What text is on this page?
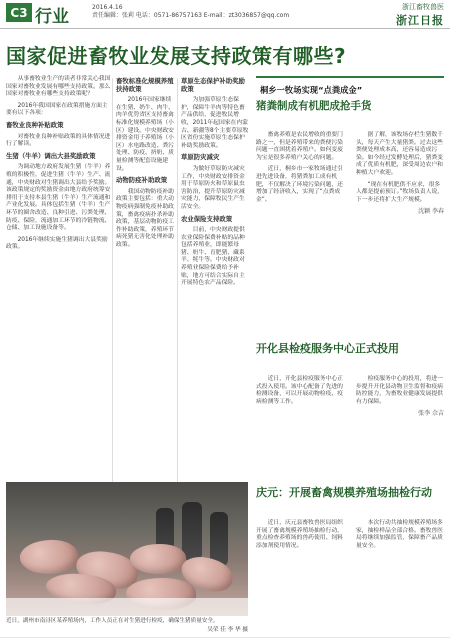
C3 行业	2016.4.16
责任编辑：张莉 电话：0571-86757163 E-mail：zt3036857@qq.com
浙江畜牧兽医
浙江日报
国家促进畜牧业发展支持政策有哪些?

从事畜牧业生产的读者非常关心我国国家对畜牧业发展有哪些支持政策。那么国家对畜牧业有哪些支持政策呢？

2016年我国国家在政策措施方面主要有以下各项：

畜牧业良种补贴政策

对畜牧业良种补贴政策的具体情况进行了解读。

生猪（牛羊）调出大县奖励政策

为调动地方政府发展生猪（牛羊）养殖的积极性，促进生猪（牛羊）生产、流通，中央财政对生猪调出大县给予奖励。该政策规定的奖励资金由地方政府统筹安排用于支持本县生猪（牛羊）生产流通和产业化发展。具体包括生猪（牛羊）生产环节的圈舍改造、良种引进、污粪处理、防疫、保险，流通加工环节的冷链物流、仓储、加工设施设备等。

2016年继续实施生猪调出大县奖励政策。

畜牧标准化规模养殖扶持政策

2016年国家继续在生猪、奶牛、肉牛、肉羊优势省区支持畜禽标准化规模养殖场（小区）建设。中央财政安排资金用于养殖场（小区）水电路改造、粪污处理、防疫、挤奶、质量检测等配套设施建设。

动物防疫补助政策

我国动物防疫补助政策主要包括：重大动物疫病强制免疫补助政策，畜禽疫病扑杀补助政策，基层动物防疫工作补助政策，养殖环节病死猪无害化处理补助政策。

草原生态保护补助奖励政策

为加强草原生态保护，保障牛羊肉等特色畜产品供给，促进牧民增收，2011年起国家在内蒙古、新疆等8个主要草原牧区省份实施草原生态保护补助奖励政策。

草原防灾减灾

为做好草原防灾减灾工作，中央财政安排资金用于草原防火和草原鼠虫害防治，提升草原防灾减灾能力，保障牧民生产生活安全。

农业保险支持政策

目前，中央财政提供农业保险保费补贴的品种包括养殖业，即能繁母猪、奶牛、育肥猪、藏系羊、牦牛等。中央财政对养殖业保险保费给予补贴，地方可结合实际自主开展特色农产品保险。

桐乡一牧场实现“点粪成金”
猪粪制成有机肥成抢手货

畜禽养殖是农民增收的重要门路之一，但是养殖带来的粪便污染问题一直困扰着养殖户。如何变废为宝是很多养殖户关心的问题。

近日，桐乡市一家牧场通过引进先进设备，将猪粪加工成有机肥，不仅解决了环境污染问题，还增加了经济收入，实现了“点粪成金”。

据了解，该牧场存栏生猪数千头，每天产生大量猪粪。过去这些粪便处理成本高，还容易造成污染。如今经过发酵处理后，猪粪变成了优质有机肥，深受周边农户和种植大户欢迎。

“现在有机肥供不应求，很多人都是提前预订。”牧场负责人说，下一步还将扩大生产规模。

沈颖 李春
开化县检疫服务中心正式投用

近日，开化县检疫服务中心正式投入使用。该中心配备了先进的检测设备，可以开展动物检疫、疫病检测等工作。

检疫服务中心的投用，将进一步提升开化县动物卫生监督和疫病防控能力，为畜牧业健康发展提供有力保障。

张李 佘吉
庆元：开展畜禽规模养殖场抽检行动

近日，庆元县畜牧兽医局组织开展了畜禽规模养殖场抽检行动，重点检查养殖场的兽药使用、饲料添加剂使用情况。

本次行动共抽检规模养殖场多家，抽检样品全部合格。畜牧兽医局将继续加强监管，保障畜产品质量安全。

近日，湖州市南浔区某养殖场内，工作人员正在对生猪进行检疫，确保生猪质量安全。
吴荣 佳 李 华 摄
